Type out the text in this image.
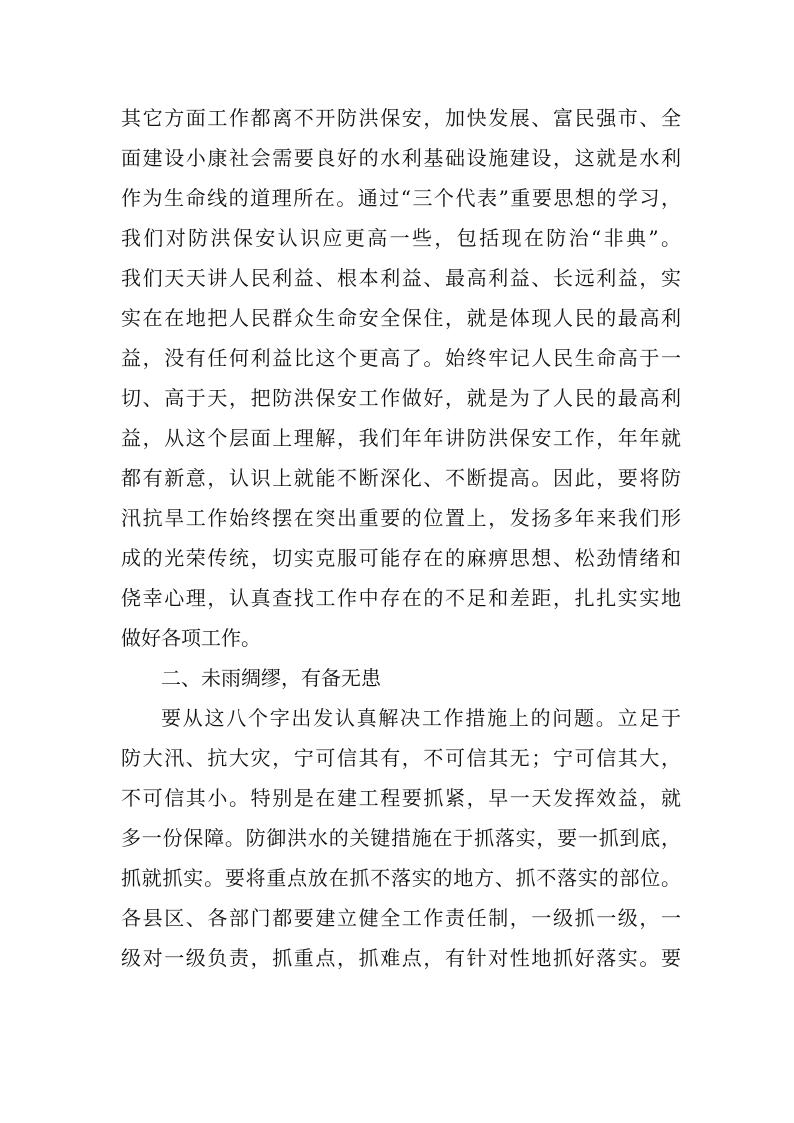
其它方面工作都离不开防洪保安，加快发展、富民强市、全
面建设小康社会需要良好的水利基础设施建设，这就是水利
作为生命线的道理所在。通过“三个代表”重要思想的学习，
我们对防洪保安认识应更高一些，包括现在防治“非典”。
我们天天讲人民利益、根本利益、最高利益、长远利益，实
实在在地把人民群众生命安全保住，就是体现人民的最高利
益，没有任何利益比这个更高了。始终牢记人民生命高于一
切、高于天，把防洪保安工作做好，就是为了人民的最高利
益，从这个层面上理解，我们年年讲防洪保安工作，年年就
都有新意，认识上就能不断深化、不断提高。因此，要将防
汛抗旱工作始终摆在突出重要的位置上，发扬多年来我们形
成的光荣传统，切实克服可能存在的麻痹思想、松劲情绪和
侥幸心理，认真查找工作中存在的不足和差距，扎扎实实地
做好各项工作。
二、未雨绸缪，有备无患
要从这八个字出发认真解决工作措施上的问题。立足于
防大汛、抗大灾，宁可信其有，不可信其无；宁可信其大，
不可信其小。特别是在建工程要抓紧，早一天发挥效益，就
多一份保障。防御洪水的关键措施在于抓落实，要一抓到底，
抓就抓实。要将重点放在抓不落实的地方、抓不落实的部位。
各县区、各部门都要建立健全工作责任制，一级抓一级，一
级对一级负责，抓重点，抓难点，有针对性地抓好落实。要
